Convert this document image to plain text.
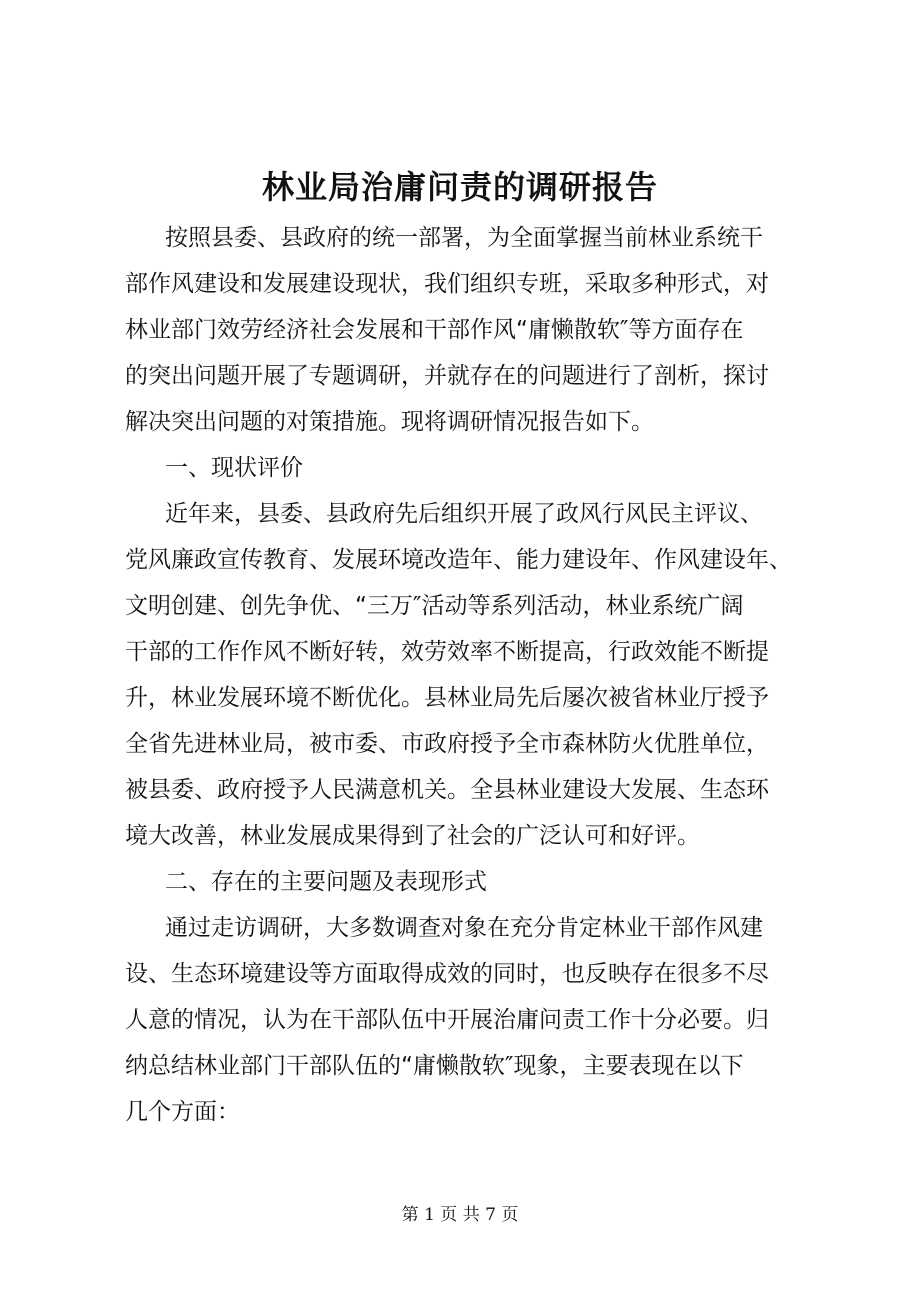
林业局治庸问责的调研报告
按照县委、县政府的统一部署，为全面掌握当前林业系统干
部作风建设和发展建设现状，我们组织专班，采取多种形式，对
林业部门效劳经济社会发展和干部作风“庸懒散软″等方面存在
的突出问题开展了专题调研，并就存在的问题进行了剖析，探讨
解决突出问题的对策措施。现将调研情况报告如下。
一、现状评价
近年来，县委、县政府先后组织开展了政风行风民主评议、
党风廉政宣传教育、发展环境改造年、能力建设年、作风建设年、
文明创建、创先争优、“三万″活动等系列活动，林业系统广阔
干部的工作作风不断好转，效劳效率不断提高，行政效能不断提
升，林业发展环境不断优化。县林业局先后屡次被省林业厅授予
全省先进林业局，被市委、市政府授予全市森林防火优胜单位，
被县委、政府授予人民满意机关。全县林业建设大发展、生态环
境大改善，林业发展成果得到了社会的广泛认可和好评。
二、存在的主要问题及表现形式
通过走访调研，大多数调查对象在充分肯定林业干部作风建
设、生态环境建设等方面取得成效的同时，也反映存在很多不尽
人意的情况，认为在干部队伍中开展治庸问责工作十分必要。归
纳总结林业部门干部队伍的“庸懒散软″现象，主要表现在以下
几个方面：
第 1 页 共 7 页
